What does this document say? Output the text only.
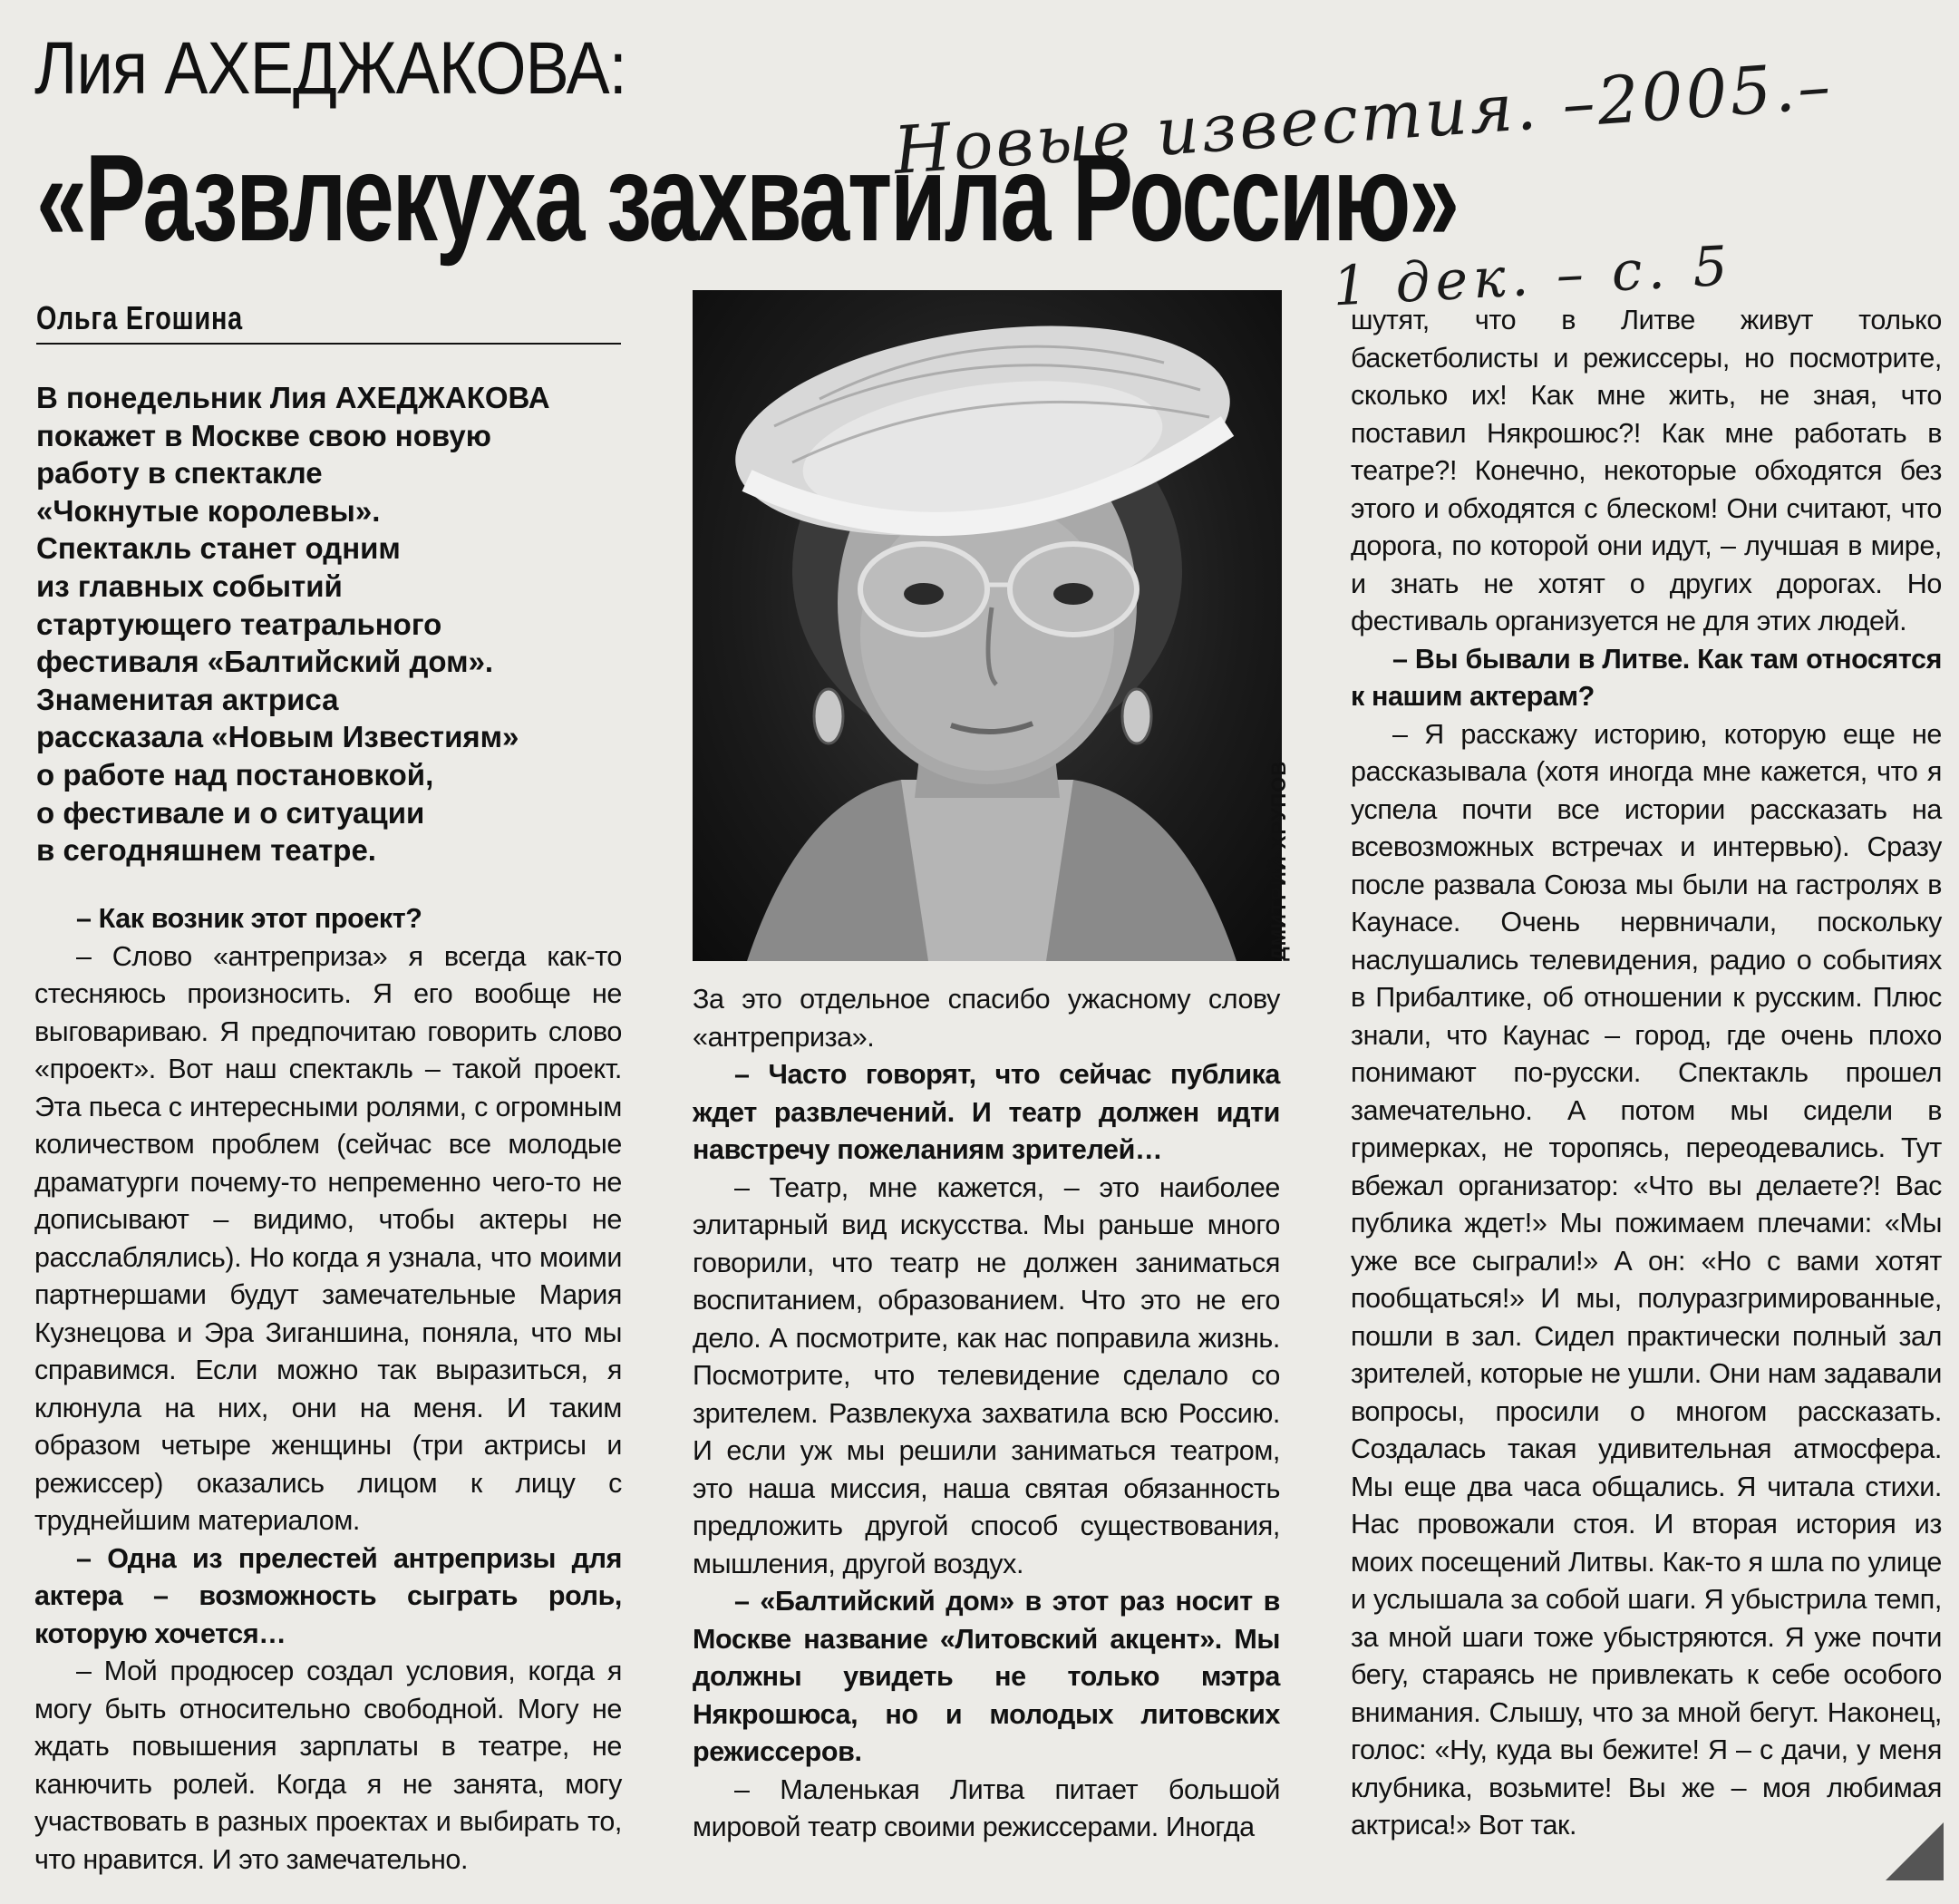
Лия АХЕДЖАКОВА:	Новые известия. –2005.–
«Развлекуха захватила Россию»
1 дек. – с. 5
Ольга Егошина
В понедельник Лия АХЕДЖАКОВА
покажет в Москве свою новую
работу в спектакле
«Чокнутые королевы».
Спектакль станет одним
из главных событий
стартующего театрального
фестиваля «Балтийский дом».
Знаменитая актриса
рассказала «Новым Известиям»
о работе над постановкой,
о фестивале и о ситуации
в сегодняшнем театре.

– Как возник этот проект?

– Слово «антреприза» я всегда как-то стесняюсь произносить. Я его вообще не выговариваю. Я предпочитаю говорить слово «проект». Вот наш спектакль – такой проект. Эта пьеса с интересными ролями, с огромным количеством проблем (сейчас все молодые драматурги почему-то непременно чего-то не дописывают – видимо, чтобы актеры не расслаблялись). Но когда я узнала, что моими партнершами будут замечательные Мария Кузнецова и Эра Зиганшина, поняла, что мы справимся. Если можно так выразиться, я клюнула на них, они на меня. И таким образом четыре женщины (три актрисы и режиссер) оказались лицом к лицу с труднейшим материалом.

– Одна из прелестей антрепризы для актера – возможность сыграть роль, которую хочется…

– Мой продюсер создал условия, когда я могу быть относительно свободной. Могу не ждать повышения зарплаты в театре, не канючить ролей. Когда я не занята, могу участвовать в разных проектах и выбирать то, что нравится. И это замечательно.

ДМИТРИЙ ХРУПОВ

За это отдельное спасибо ужасному слову «антреприза».

– Часто говорят, что сейчас публика ждет развлечений. И театр должен идти навстречу пожеланиям зрителей…

– Театр, мне кажется, – это наиболее элитарный вид искусства. Мы раньше много говорили, что театр не должен заниматься воспитанием, образованием. Что это не его дело. А посмотрите, как нас поправила жизнь. Посмотрите, что телевидение сделало со зрителем. Развлекуха захватила всю Россию. И если уж мы решили заниматься театром, это наша миссия, наша святая обязанность предложить другой способ существования, мышления, другой воздух.

– «Балтийский дом» в этот раз носит в Москве название «Литовский акцент». Мы должны увидеть не только мэтра Някрошюса, но и молодых литовских режиссеров.

– Маленькая Литва питает большой мировой театр своими режиссерами. Иногда

шутят, что в Литве живут только баскетболисты и режиссеры, но посмотрите, сколько их! Как мне жить, не зная, что поставил Някрошюс?! Как мне работать в театре?! Конечно, некоторые обходятся без этого и обходятся с блеском! Они считают, что дорога, по которой они идут, – лучшая в мире, и знать не хотят о других дорогах. Но фестиваль организуется не для этих людей.

– Вы бывали в Литве. Как там относятся к нашим актерам?

– Я расскажу историю, которую еще не рассказывала (хотя иногда мне кажется, что я успела почти все истории рассказать на всевозможных встречах и интервью). Сразу после развала Союза мы были на гастролях в Каунасе. Очень нервничали, поскольку наслушались телевидения, радио о событиях в Прибалтике, об отношении к русским. Плюс знали, что Каунас – город, где очень плохо понимают по-русски. Спектакль прошел замечательно. А потом мы сидели в гримерках, не торопясь, переодевались. Тут вбежал организатор: «Что вы делаете?! Вас публика ждет!» Мы пожимаем плечами: «Мы уже все сыграли!» А он: «Но с вами хотят пообщаться!» И мы, полуразгримированные, пошли в зал. Сидел практически полный зал зрителей, которые не ушли. Они нам задавали вопросы, просили о многом рассказать. Создалась такая удивительная атмосфера. Мы еще два часа общались. Я читала стихи. Нас провожали стоя. И вторая история из моих посещений Литвы. Как-то я шла по улице и услышала за собой шаги. Я убыстрила темп, за мной шаги тоже убыстряются. Я уже почти бегу, стараясь не привлекать к себе особого внимания. Слышу, что за мной бегут. Наконец, голос: «Ну, куда вы бежите! Я – с дачи, у меня клубника, возьмите! Вы же – моя любимая актриса!» Вот так.
